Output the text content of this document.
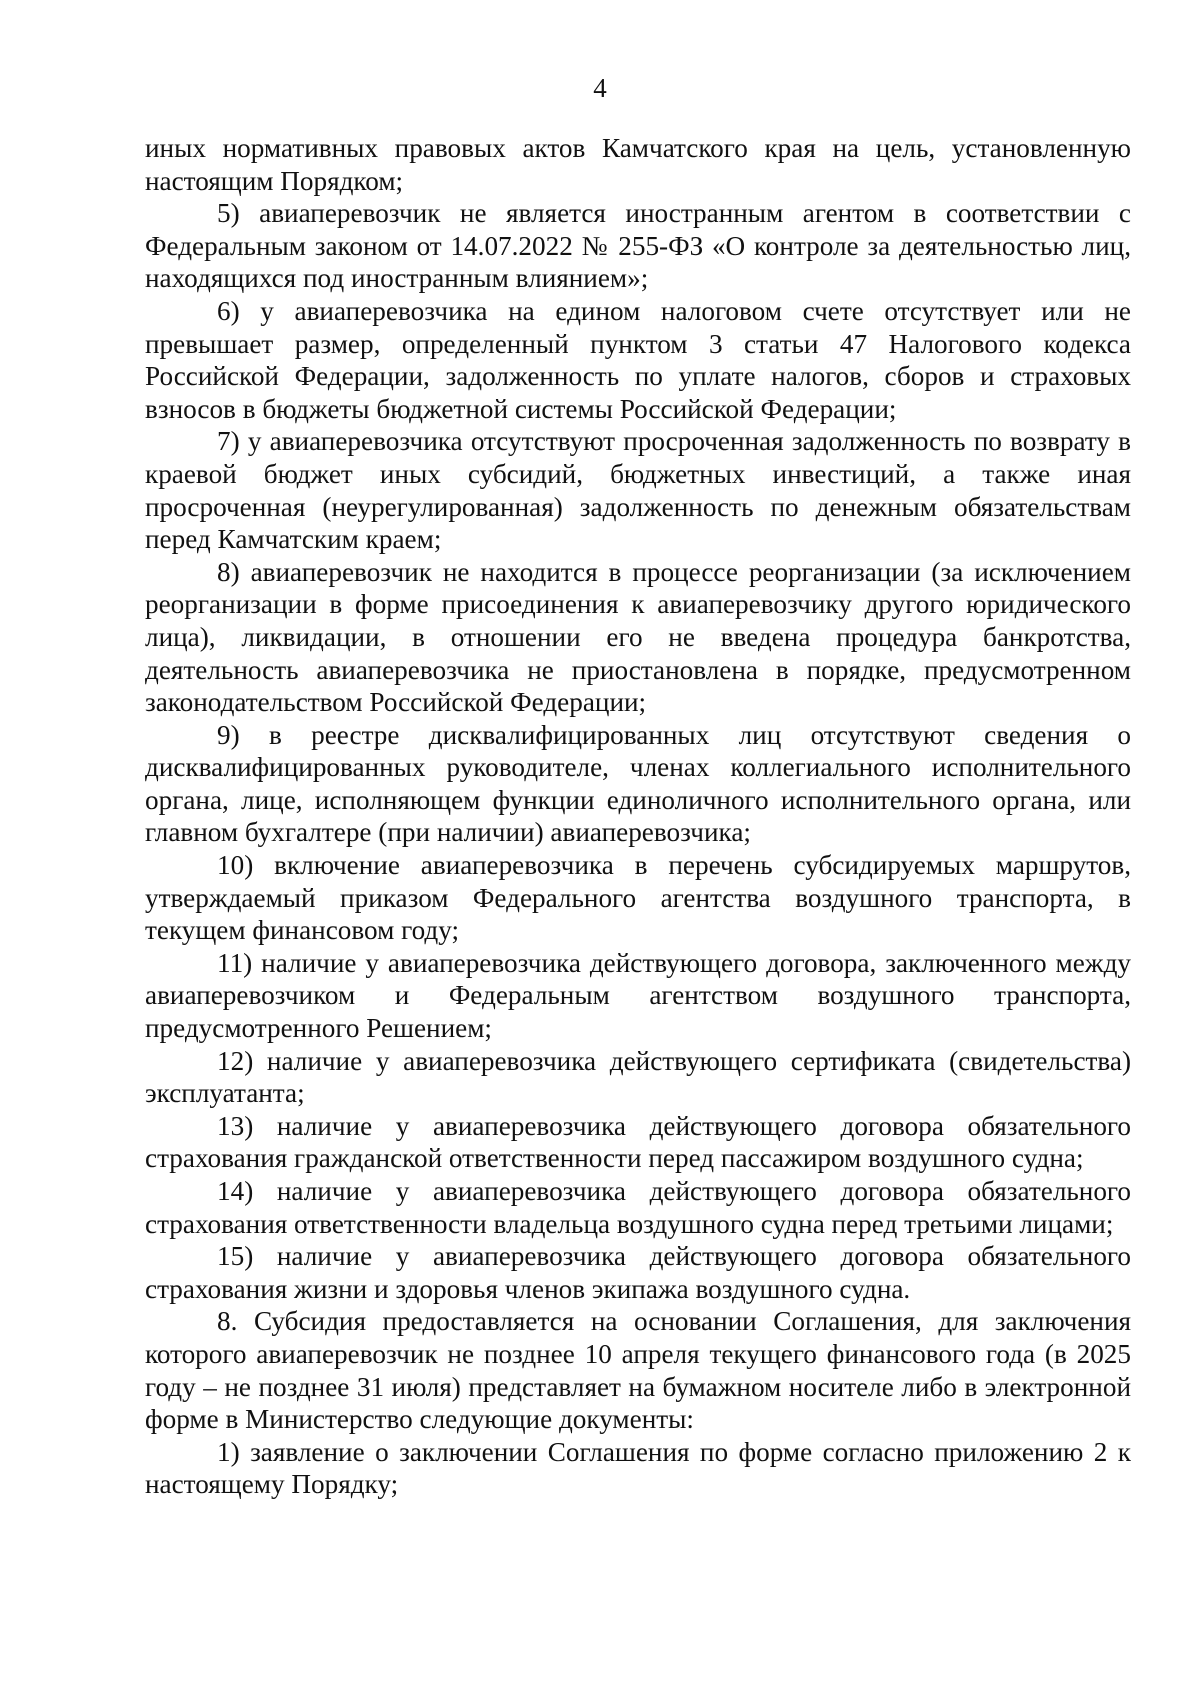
4

иных нормативных правовых актов Камчатского края на цель, установленную настоящим Порядком;

5) авиаперевозчик не является иностранным агентом в соответствии с Федеральным законом от 14.07.2022 № 255-ФЗ «О контроле за деятельностью лиц, находящихся под иностранным влиянием»;

6) у авиаперевозчика на едином налоговом счете отсутствует или не превышает размер, определенный пунктом 3 статьи 47 Налогового кодекса Российской Федерации, задолженность по уплате налогов, сборов и страховых взносов в бюджеты бюджетной системы Российской Федерации;

7) у авиаперевозчика отсутствуют просроченная задолженность по возврату в краевой бюджет иных субсидий, бюджетных инвестиций, а также иная просроченная (неурегулированная) задолженность по денежным обязательствам перед Камчатским краем;

8) авиаперевозчик не находится в процессе реорганизации (за исключением реорганизации в форме присоединения к авиаперевозчику другого юридического лица), ликвидации, в отношении его не введена процедура банкротства, деятельность авиаперевозчика не приостановлена в порядке, предусмотренном законодательством Российской Федерации;

9) в реестре дисквалифицированных лиц отсутствуют сведения о дисквалифицированных руководителе, членах коллегиального исполнительного органа, лице, исполняющем функции единоличного исполнительного органа, или главном бухгалтере (при наличии) авиаперевозчика;

10) включение авиаперевозчика в перечень субсидируемых маршрутов, утверждаемый приказом Федерального агентства воздушного транспорта, в текущем финансовом году;

11) наличие у авиаперевозчика действующего договора, заключенного между авиаперевозчиком и Федеральным агентством воздушного транспорта, предусмотренного Решением;

12) наличие у авиаперевозчика действующего сертификата (свидетельства) эксплуатанта;

13) наличие у авиаперевозчика действующего договора обязательного страхования гражданской ответственности перед пассажиром воздушного судна;

14) наличие у авиаперевозчика действующего договора обязательного страхования ответственности владельца воздушного судна перед третьими лицами;

15) наличие у авиаперевозчика действующего договора обязательного страхования жизни и здоровья членов экипажа воздушного судна.

8. Субсидия предоставляется на основании Соглашения, для заключения которого авиаперевозчик не позднее 10 апреля текущего финансового года (в 2025 году – не позднее 31 июля) представляет на бумажном носителе либо в электронной форме в Министерство следующие документы:

1) заявление о заключении Соглашения по форме согласно приложению 2 к настоящему Порядку;
